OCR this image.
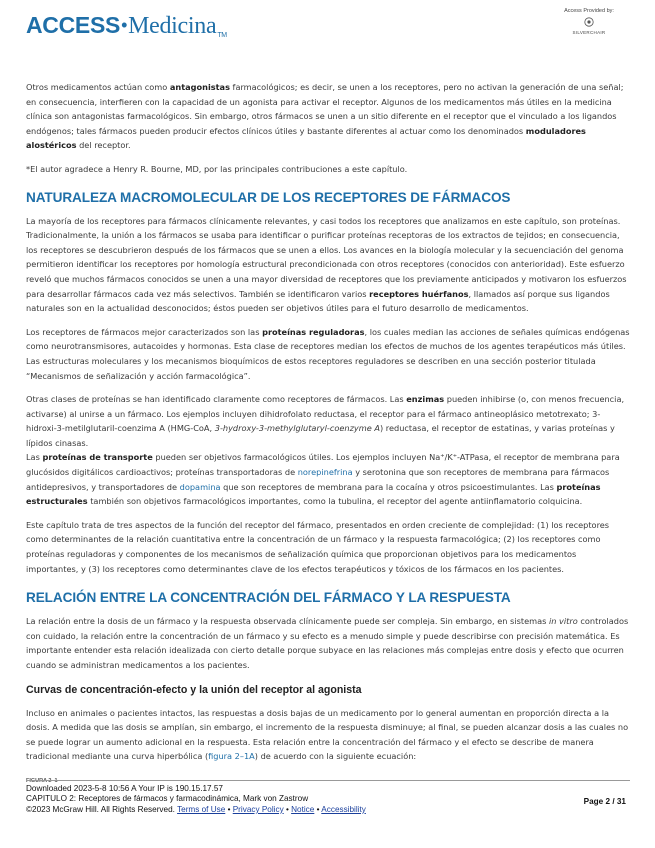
ACCESS•MedicinaTM
Access Provided by:
SILVERCHAIR

Otros medicamentos actúan como antagonistas farmacológicos; es decir, se unen a los receptores, pero no activan la generación de una señal; en consecuencia, interfieren con la capacidad de un agonista para activar el receptor. Algunos de los medicamentos más útiles en la medicina clínica son antagonistas farmacológicos. Sin embargo, otros fármacos se unen a un sitio diferente en el receptor que el vinculado a los ligandos endógenos; tales fármacos pueden producir efectos clínicos útiles y bastante diferentes al actuar como los denominados moduladores alostéricos del receptor.

*El autor agradece a Henry R. Bourne, MD, por las principales contribuciones a este capítulo.

NATURALEZA MACROMOLECULAR DE LOS RECEPTORES DE FÁRMACOS

La mayoría de los receptores para fármacos clínicamente relevantes, y casi todos los receptores que analizamos en este capítulo, son proteínas. Tradicionalmente, la unión a los fármacos se usaba para identificar o purificar proteínas receptoras de los extractos de tejidos; en consecuencia, los receptores se descubrieron después de los fármacos que se unen a ellos. Los avances en la biología molecular y la secuenciación del genoma permitieron identificar los receptores por homología estructural precondicionada con otros receptores (conocidos con anterioridad). Este esfuerzo reveló que muchos fármacos conocidos se unen a una mayor diversidad de receptores que los previamente anticipados y motivaron los esfuerzos para desarrollar fármacos cada vez más selectivos. También se identificaron varios receptores huérfanos, llamados así porque sus ligandos naturales son en la actualidad desconocidos; éstos pueden ser objetivos útiles para el futuro desarrollo de medicamentos.

Los receptores de fármacos mejor caracterizados son las proteínas reguladoras, los cuales median las acciones de señales químicas endógenas como neurotransmisores, autacoides y hormonas. Esta clase de receptores median los efectos de muchos de los agentes terapéuticos más útiles. Las estructuras moleculares y los mecanismos bioquímicos de estos receptores reguladores se describen en una sección posterior titulada “Mecanismos de señalización y acción farmacológica”.

Otras clases de proteínas se han identificado claramente como receptores de fármacos. Las enzimas pueden inhibirse (o, con menos frecuencia, activarse) al unirse a un fármaco. Los ejemplos incluyen dihidrofolato reductasa, el receptor para el fármaco antineoplásico metotrexato; 3-hidroxi-3-metilglutaril-coenzima A (HMG-CoA, 3-hydroxy-3-methylglutaryl-coenzyme A) reductasa, el receptor de estatinas, y varias proteínas y lípidos cinasas.

Las proteínas de transporte pueden ser objetivos farmacológicos útiles. Los ejemplos incluyen Na⁺/K⁺-ATPasa, el receptor de membrana para glucósidos digitálicos cardioactivos; proteínas transportadoras de norepinefrina y serotonina que son receptores de membrana para fármacos antidepresivos, y transportadores de dopamina que son receptores de membrana para la cocaína y otros psicoestimulantes. Las proteínas estructurales también son objetivos farmacológicos importantes, como la tubulina, el receptor del agente antiinflamatorio colquicina.

Este capítulo trata de tres aspectos de la función del receptor del fármaco, presentados en orden creciente de complejidad: (1) los receptores como determinantes de la relación cuantitativa entre la concentración de un fármaco y la respuesta farmacológica; (2) los receptores como proteínas reguladoras y componentes de los mecanismos de señalización química que proporcionan objetivos para los medicamentos importantes, y (3) los receptores como determinantes clave de los efectos terapéuticos y tóxicos de los fármacos en los pacientes.

RELACIÓN ENTRE LA CONCENTRACIÓN DEL FÁRMACO Y LA RESPUESTA

La relación entre la dosis de un fármaco y la respuesta observada clínicamente puede ser compleja. Sin embargo, en sistemas in vitro controlados con cuidado, la relación entre la concentración de un fármaco y su efecto es a menudo simple y puede describirse con precisión matemática. Es importante entender esta relación idealizada con cierto detalle porque subyace en las relaciones más complejas entre dosis y efecto que ocurren cuando se administran medicamentos a los pacientes.

Curvas de concentración-efecto y la unión del receptor al agonista

Incluso en animales o pacientes intactos, las respuestas a dosis bajas de un medicamento por lo general aumentan en proporción directa a la dosis. A medida que las dosis se amplían, sin embargo, el incremento de la respuesta disminuye; al final, se pueden alcanzar dosis a las cuales no se puede lograr un aumento adicional en la respuesta. Esta relación entre la concentración del fármaco y el efecto se describe de manera tradicional mediante una curva hiperbólica (figura 2–1A) de acuerdo con la siguiente ecuación:

FIGURA 2–1
Downloaded 2023-5-8 10:56 A Your IP is 190.15.17.57
CAPITULO 2: Receptores de fármacos y farmacodinámica, Mark von Zastrow
©2023 McGraw Hill. All Rights Reserved. Terms of Use • Privacy Policy • Notice • Accessibility
Page 2 / 31
